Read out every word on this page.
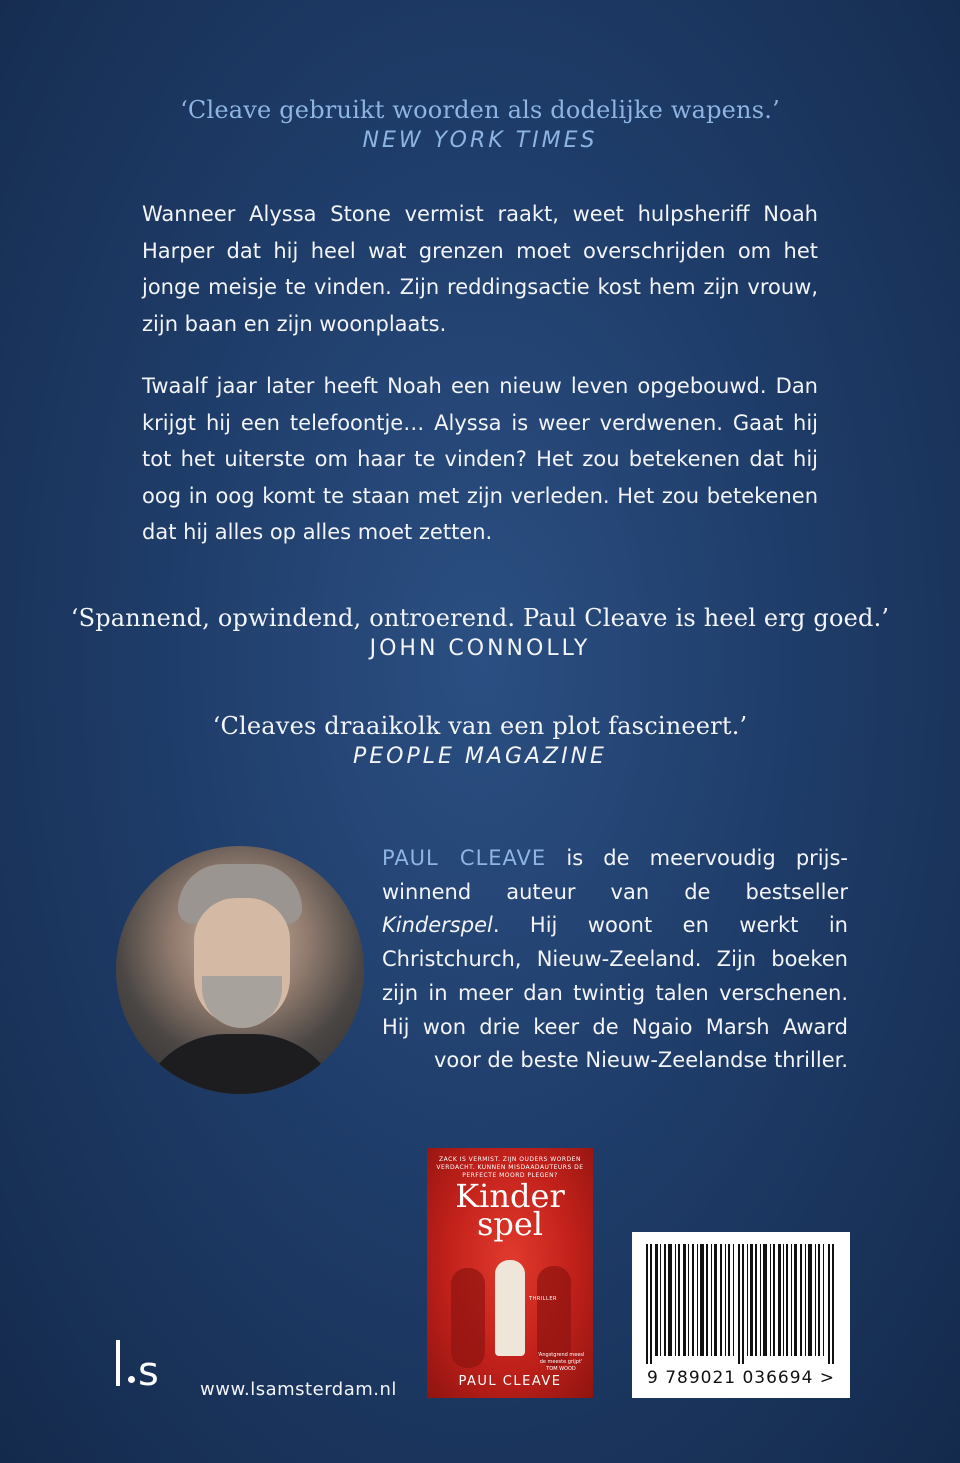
‘Cleave gebruikt woorden als dodelijke wapens.’
NEW YORK TIMES
Wanneer Alyssa Stone vermist raakt, weet hulpsheriff Noah Harper dat hij heel wat grenzen moet overschrijden om het jonge meisje te vinden. Zijn reddingsactie kost hem zijn vrouw, zijn baan en zijn woonplaats.
Twaalf jaar later heeft Noah een nieuw leven opgebouwd. Dan krijgt hij een telefoontje… Alyssa is weer verdwenen. Gaat hij tot het uiterste om haar te vinden? Het zou betekenen dat hij oog in oog komt te staan met zijn verleden. Het zou betekenen dat hij alles op alles moet zetten.
‘Spannend, opwindend, ontroerend. Paul Cleave is heel erg goed.’
JOHN CONNOLLY
‘Cleaves draaikolk van een plot fascineert.’
PEOPLE MAGAZINE
PAUL CLEAVE is de meervoudig prijswinnend auteur van de bestseller Kinderspel. Hij woont en werkt in Christchurch, Nieuw-Zeeland. Zijn boeken zijn in meer dan twintig talen verschenen. Hij won drie keer de Ngaio Marsh Award voor de beste Nieuw-Zeelandse thriller.
ZACK IS VERMIST. ZIJN OUDERS WORDEN VERDACHT. KUNNEN MISDAADAUTEURS DE PERFECTE MOORD PLEGEN?
Kinder
spel
THRILLER
'Angstgrend meesl de meeste grijpt' TOM WOOD
PAUL CLEAVE	9 789021 036694 >
s www.lsamsterdam.nl
